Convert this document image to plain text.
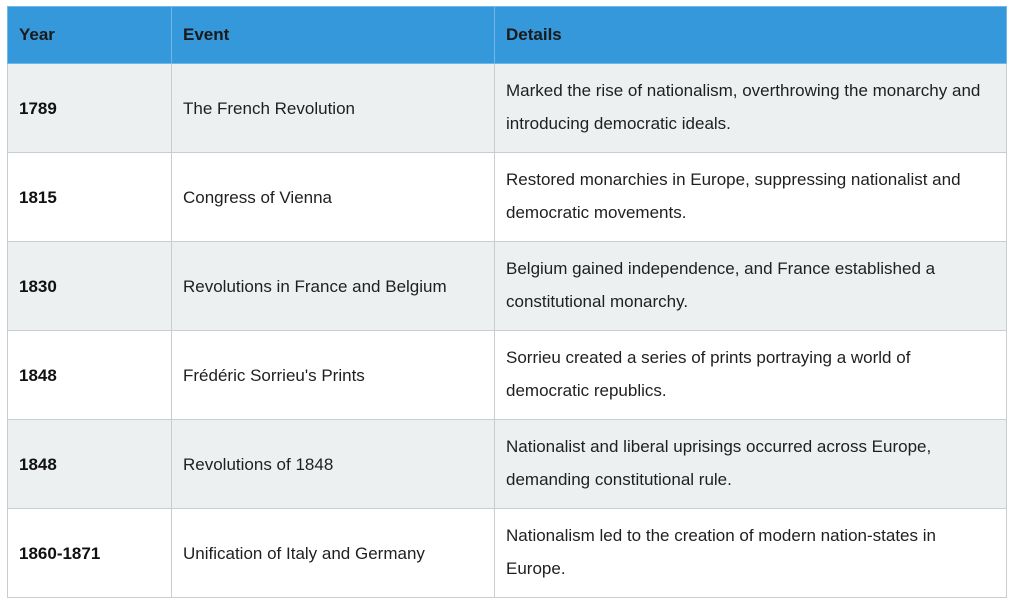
Year	Event	Details
1789	The French Revolution	Marked the rise of nationalism, overthrowing the monarchy and introducing democratic ideals.
1815	Congress of Vienna	Restored monarchies in Europe, suppressing nationalist and democratic movements.
1830	Revolutions in France and Belgium	Belgium gained independence, and France established a constitutional monarchy.
1848	Frédéric Sorrieu's Prints	Sorrieu created a series of prints portraying a world of democratic republics.
1848	Revolutions of 1848	Nationalist and liberal uprisings occurred across Europe, demanding constitutional rule.
1860-1871	Unification of Italy and Germany	Nationalism led to the creation of modern nation-states in Europe.
